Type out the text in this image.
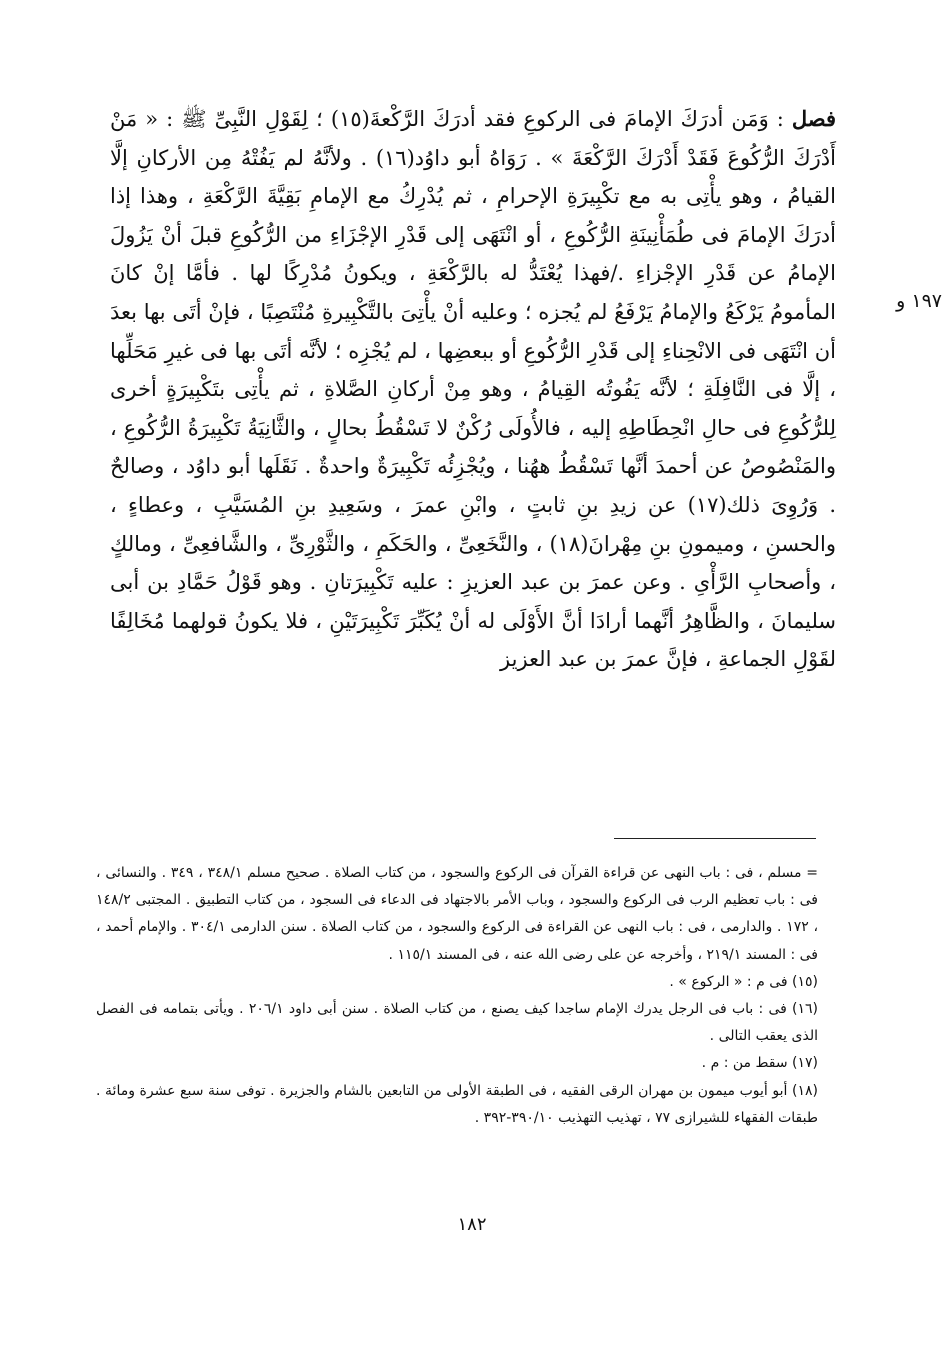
فصل : وَمَن أدرَكَ الإمامَ فى الركوعِ فقد أدرَكَ الرَّكْعةَ(١٥) ؛ لِقَوْلِ النَّبِىِّ ﷺ : « مَنْ أَدْرَكَ الرُّكُوعَ فَقَدْ أَدْرَكَ الرَّكْعَةَ » . رَوَاهُ أبو داوُد(١٦) . ولأنَّهُ لم يَفُتْهُ مِن الأركانِ إلَّا القيامُ ، وهو يأْتِى به مع تكْبِيرَةِ الإحرامِ ، ثم يُدْرِكُ مع الإمامِ بَقِيَّةَ الرَّكْعَةِ ، وهذا إذا أدرَكَ الإمامَ فى طُمَأْنِينَةِ الرُّكُوعِ ، أو انْتَهَى إلى قَدْرِ الإجْزَاءِ من الرُّكُوعِ قبلَ أنْ يَزُولَ الإمامُ عن قَدْرِ الإجْزاءِ ./فهذا يُعْتَدُّ له بالرَّكْعَةِ ، ويكونُ مُدْرِكًا لها . فأمَّا إنْ كانَ المأمومُ يَرْكَعُ والإمامُ يَرْفَعُ لم يُجزه ؛ وعليه أنْ يأْتِىَ بالتَّكْبِيرةِ مُنْتَصِبًا ، فإنْ أتَى بها بعدَ أن انْتَهَى فى الانْحِناءِ إلى قَدْرِ الرُّكُوعِ أو ببعضِها ، لم يُجْزِه ؛ لأنَّه أتَى بها فى غيرِ مَحَلِّها ، إلَّا فى النَّافِلَةِ ؛ لأنَّه يَفُوتُه القِيامُ ، وهو مِنْ أركانِ الصَّلاةِ ، ثم يأْتِى بتَكْبِيرَةٍ أخرى لِلرُّكُوعِ فى حالِ انْحِطَاطِهِ إليه ، فالأُولَى رُكْنٌ لا تَسْقُطُ بحالٍ ، والثَّانِيَةُ تَكْبِيرَةُ الرُّكُوعِ ، والمَنْصُوصُ عن أحمدَ أنَّها تَسْقُطُ ههُنا ، ويُجْزِئُه تَكْبِيرَةٌ واحدةٌ . نَقَلَها أبو داوُد ، وصالحٌ . وَرُوِىَ ذلك(١٧) عن زيدِ بنِ ثابتٍ ، وابْنِ عمرَ ، وسَعِيدِ بنِ المُسَيَّبِ ، وعطاءٍ ، والحسنِ ، وميمونِ بنِ مِهْرانَ(١٨) ، والنَّخَعِىِّ ، والحَكَمِ ، والثَّوْرِىِّ ، والشَّافعِىِّ ، ومالكٍ ، وأصحابِ الرَّأْىِ . وعن عمرَ بن عبد العزيزِ : عليه تَكْبِيرَتانِ . وهو قَوْلُ حَمَّادِ بن أبى سليمانَ ، والظَّاهِرُ أنَّهما أرادَا أنَّ الأَوْلَى له أنْ يُكَبِّرَ تَكْبِيرَتَيْنِ ، فلا يكونُ قولهما مُخَالِفًا لقَوْلِ الجماعةِ ، فإنَّ عمرَ بن عبد العزيز

١٩٧ و

= مسلم ، فى : باب النهى عن قراءة القرآن فى الركوع والسجود ، من كتاب الصلاة . صحيح مسلم ٣٤٨/١ ، ٣٤٩ . والنسائى ، فى : باب تعظيم الرب فى الركوع والسجود ، وباب الأمر بالاجتهاد فى الدعاء فى السجود ، من كتاب التطبيق . المجتبى ١٤٨/٢ ، ١٧٢ . والدارمى ، فى : باب النهى عن القراءة فى الركوع والسجود ، من كتاب الصلاة . سنن الدارمى ٣٠٤/١ . والإمام أحمد ، فى : المسند ٢١٩/١ ، وأخرجه عن على رضى الله عنه ، فى المسند ١١٥/١ .

(١٥) فى م : « الركوع » .

(١٦) فى : باب فى الرجل يدرك الإمام ساجدا كيف يصنع ، من كتاب الصلاة . سنن أبى داود ٢٠٦/١ . ويأتى بتمامه فى الفصل الذى يعقب التالى .

(١٧) سقط من : م .

(١٨) أبو أيوب ميمون بن مهران الرقى الفقيه ، فى الطبقة الأولى من التابعين بالشام والجزيرة . توفى سنة سبع عشرة ومائة . طبقات الفقهاء للشيرازى ٧٧ ، تهذيب التهذيب ٣٩٠/١٠-٣٩٢ .

١٨٢
